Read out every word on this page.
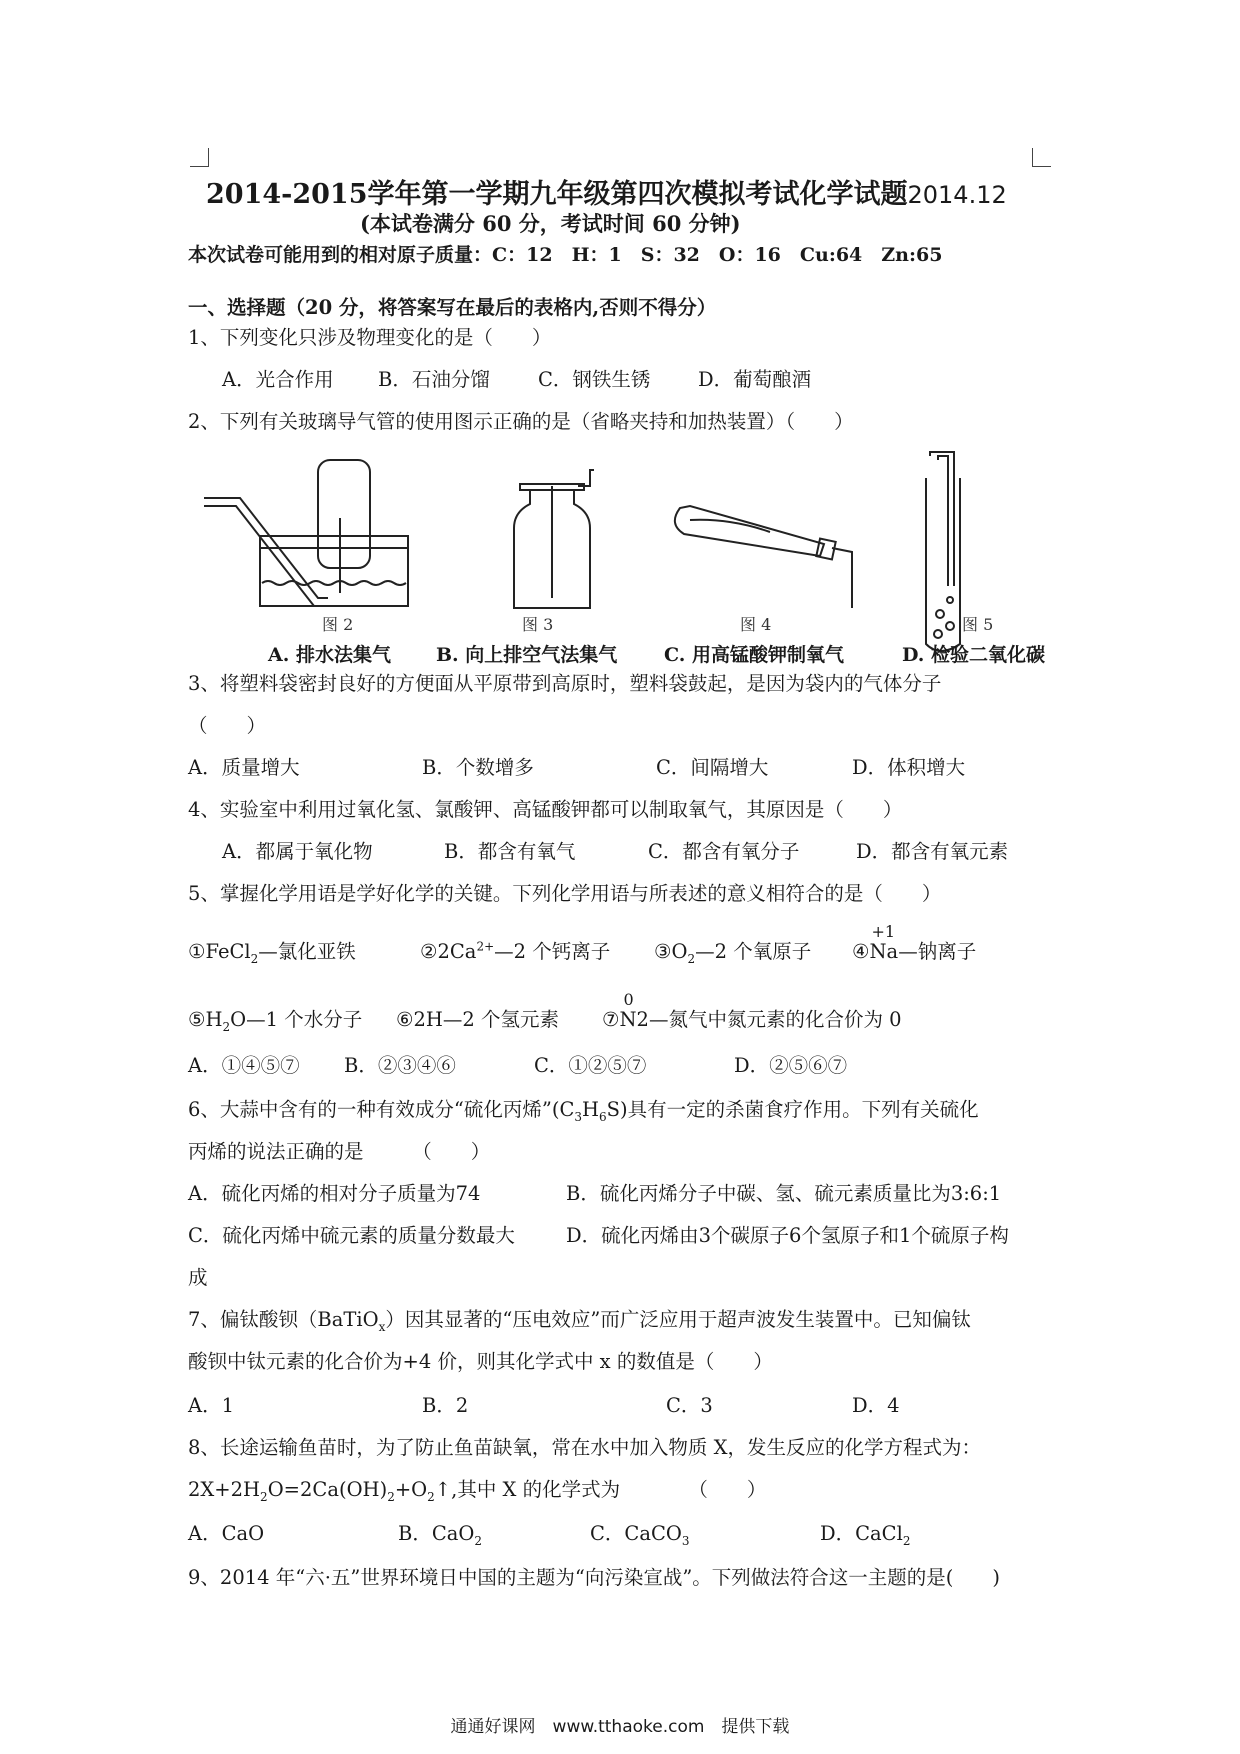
2014-2015学年第一学期九年级第四次模拟考试化学试题2014.12
(本试卷满分 60 分，考试时间 60 分钟)
本次试卷可能用到的相对原子质量：C：12　H：1　S：32　O：16　Cu:64　Zn:65
一、选择题（20 分，将答案写在最后的表格内,否则不得分）
1、下列变化只涉及物理变化的是（　　）
A．光合作用 B．石油分馏 C．钢铁生锈 D．葡萄酿酒
2、下列有关玻璃导气管的使用图示正确的是（省略夹持和加热装置）（　　）
图 2	图 3	图 4	图 5
A. 排水法集气 B. 向上排空气法集气 C. 用高锰酸钾制氧气	D. 检验二氧化碳
3、将塑料袋密封良好的方便面从平原带到高原时，塑料袋鼓起，是因为袋内的气体分子
（　　）
A．质量增大	B．个数增多	C．间隔增大	D．体积增大
4、实验室中利用过氧化氢、氯酸钾、高锰酸钾都可以制取氧气，其原因是（　　）
A．都属于氧化物	B．都含有氧气	C．都含有氧分子	D．都含有氧元素
5、掌握化学用语是学好化学的关键。下列化学用语与所表述的意义相符合的是（　　）
①FeCl$_2$—氯化亚铁	$②2Ca^{2+}—2$ 个钙离子 $③O_2—2$ 个氧原子 ④
+1
Na—钠离子
$⑤H_2O—1$ 个水分子 ⑥2H—2 个氢元素 ⑦
0
N2—氮气中氮元素的化合价为 0
A．①④⑤⑦ B．②③④⑥	C．①②⑤⑦	D．②⑤⑥⑦
6、大蒜中含有的一种有效成分“硫化丙烯$”(C_3H_6S)$具有一定的杀菌食疗作用。下列有关硫化
丙烯的说法正确的是　　　（　　）
A．硫化丙烯的相对分子质量为74	B．硫化丙烯分子中碳、氢、硫元素质量比为3:6:1
C．硫化丙烯中硫元素的质量分数最大	D．硫化丙烯由3个碳原子6个氢原子和1个硫原子构
成
7、偏钛酸钡（BaTiO$_x$）因其显著的“压电效应”而广泛应用于超声波发生装置中。已知偏钛
酸钡中钛元素的化合价为+4 价，则其化学式中 x 的数值是（　　）
A．1	B．2	C．3	D．4
8、长途运输鱼苗时，为了防止鱼苗缺氧，常在水中加入物质 X，发生反应的化学方程式为：
$2X+2H_2O=2Ca(OH)_2+O_2↑$,其中 X 的化学式为　　　　（　　）
A．CaO	B．CaO$_2$	C．CaCO$_3$	D．CaCl$_2$
9、2014 年“六·五”世界环境日中国的主题为“向污染宣战”。下列做法符合这一主题的是(　　)
通通好课网　www.tthaoke.com　提供下载
